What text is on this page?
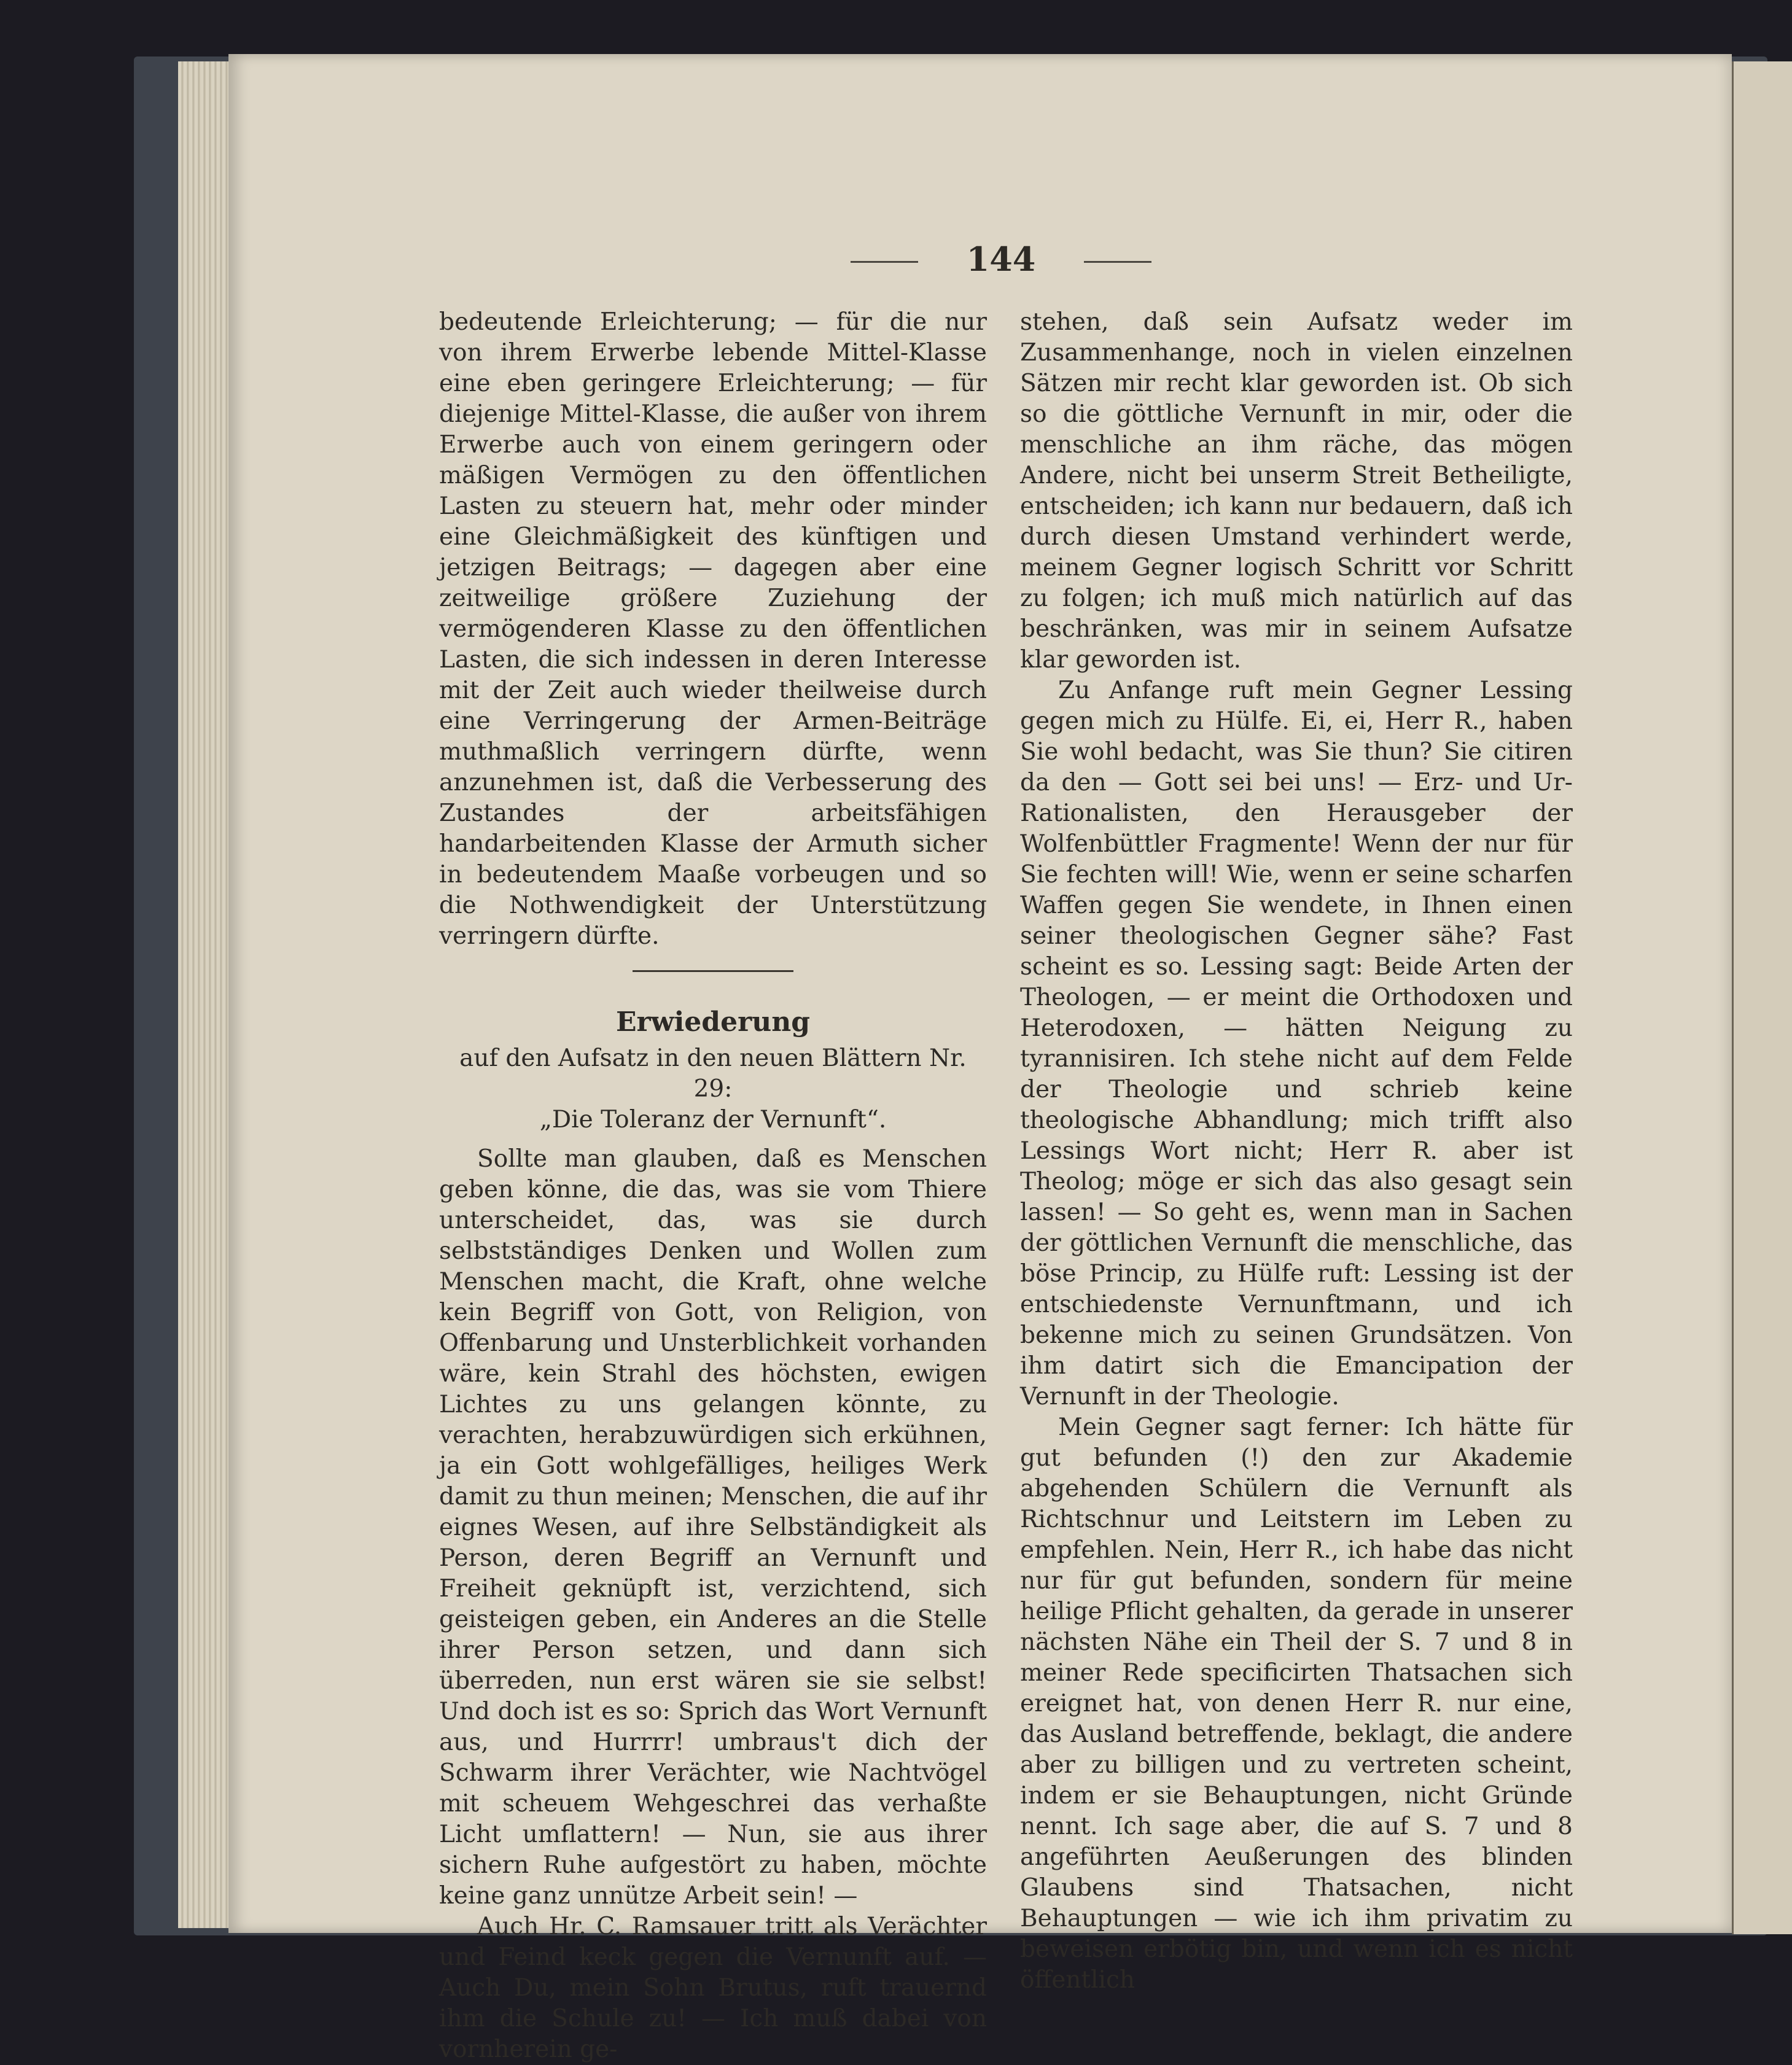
144

bedeutende Erleichterung; — für die nur von ihrem Erwerbe lebende Mittel-Klasse eine eben geringere Erleichterung; — für diejenige Mittel-Klasse, die außer von ihrem Erwerbe auch von einem geringern oder mäßigen Vermögen zu den öffentlichen Lasten zu steuern hat, mehr oder minder eine Gleichmäßigkeit des künftigen und jetzigen Beitrags; — dagegen aber eine zeitweilige größere Zuziehung der vermögenderen Klasse zu den öffentlichen Lasten, die sich indessen in deren Interesse mit der Zeit auch wieder theilweise durch eine Verringerung der Armen-Beiträge muthmaßlich verringern dürfte, wenn anzunehmen ist, daß die Verbesserung des Zustandes der arbeitsfähigen handarbeitenden Klasse der Armuth sicher in bedeutendem Maaße vorbeugen und so die Nothwendigkeit der Unterstützung verringern dürfte.

Erwiederung

auf den Aufsatz in den neuen Blättern Nr. 29:

„Die Toleranz der Vernunft“.

Sollte man glauben, daß es Menschen geben könne, die das, was sie vom Thiere unterscheidet, das, was sie durch selbstständiges Denken und Wollen zum Menschen macht, die Kraft, ohne welche kein Begriff von Gott, von Religion, von Offenbarung und Unsterblichkeit vorhanden wäre, kein Strahl des höchsten, ewigen Lichtes zu uns gelangen könnte, zu verachten, herabzuwürdigen sich erkühnen, ja ein Gott wohlgefälliges, heiliges Werk damit zu thun meinen; Menschen, die auf ihr eignes Wesen, auf ihre Selbständigkeit als Person, deren Begriff an Vernunft und Freiheit geknüpft ist, verzichtend, sich geisteigen geben, ein Anderes an die Stelle ihrer Person setzen, und dann sich überreden, nun erst wären sie sie selbst! Und doch ist es so: Sprich das Wort Vernunft aus, und Hurrrr! umbraus't dich der Schwarm ihrer Verächter, wie Nachtvögel mit scheuem Wehgeschrei das verhaßte Licht umflattern! — Nun, sie aus ihrer sichern Ruhe aufgestört zu haben, möchte keine ganz unnütze Arbeit sein! —

Auch Hr. C. Ramsauer tritt als Verächter und Feind keck gegen die Vernunft auf. — Auch Du, mein Sohn Brutus, ruft trauernd ihm die Schule zu! — Ich muß dabei von vornherein ge-

stehen, daß sein Aufsatz weder im Zusammenhange, noch in vielen einzelnen Sätzen mir recht klar geworden ist. Ob sich so die göttliche Vernunft in mir, oder die menschliche an ihm räche, das mögen Andere, nicht bei unserm Streit Betheiligte, entscheiden; ich kann nur bedauern, daß ich durch diesen Umstand verhindert werde, meinem Gegner logisch Schritt vor Schritt zu folgen; ich muß mich natürlich auf das beschränken, was mir in seinem Aufsatze klar geworden ist.

Zu Anfange ruft mein Gegner Lessing gegen mich zu Hülfe. Ei, ei, Herr R., haben Sie wohl bedacht, was Sie thun? Sie citiren da den — Gott sei bei uns! — Erz- und Ur-Rationalisten, den Herausgeber der Wolfenbüttler Fragmente! Wenn der nur für Sie fechten will! Wie, wenn er seine scharfen Waffen gegen Sie wendete, in Ihnen einen seiner theologischen Gegner sähe? Fast scheint es so. Lessing sagt: Beide Arten der Theologen, — er meint die Orthodoxen und Heterodoxen, — hätten Neigung zu tyrannisiren. Ich stehe nicht auf dem Felde der Theologie und schrieb keine theologische Abhandlung; mich trifft also Lessings Wort nicht; Herr R. aber ist Theolog; möge er sich das also gesagt sein lassen! — So geht es, wenn man in Sachen der göttlichen Vernunft die menschliche, das böse Princip, zu Hülfe ruft: Lessing ist der entschiedenste Vernunftmann, und ich bekenne mich zu seinen Grundsätzen. Von ihm datirt sich die Emancipation der Vernunft in der Theologie.

Mein Gegner sagt ferner: Ich hätte für gut befunden (!) den zur Akademie abgehenden Schülern die Vernunft als Richtschnur und Leitstern im Leben zu empfehlen. Nein, Herr R., ich habe das nicht nur für gut befunden, sondern für meine heilige Pflicht gehalten, da gerade in unserer nächsten Nähe ein Theil der S. 7 und 8 in meiner Rede specificirten Thatsachen sich ereignet hat, von denen Herr R. nur eine, das Ausland betreffende, beklagt, die andere aber zu billigen und zu vertreten scheint, indem er sie Behauptungen, nicht Gründe nennt. Ich sage aber, die auf S. 7 und 8 angeführten Aeußerungen des blinden Glaubens sind Thatsachen, nicht Behauptungen — wie ich ihm privatim zu beweisen erbötig bin, und wenn ich es nicht öffentlich
